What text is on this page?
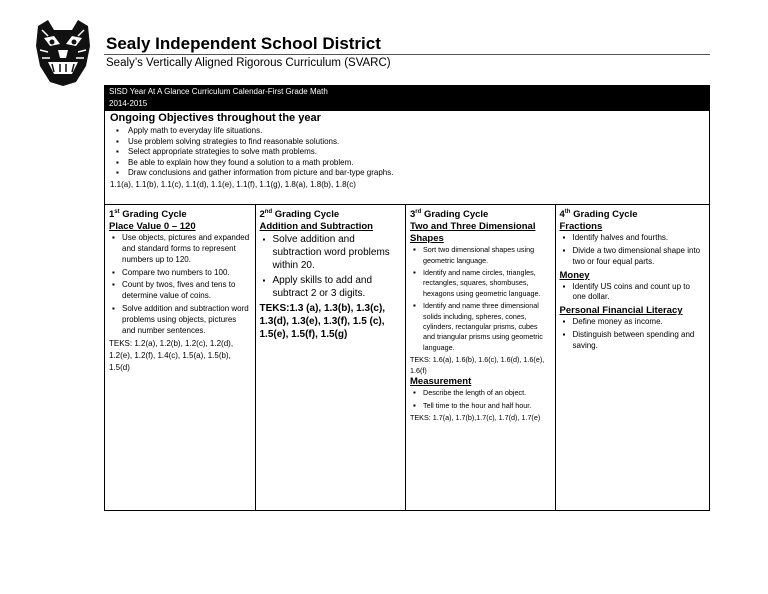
Sealy Independent School District
Sealy’s Vertically Aligned Rigorous Curriculum (SVARC)
SISD Year At A Glance Curriculum Calendar-First Grade Math
2014-2015
Ongoing Objectives throughout the year
▪ Apply math to everyday life situations.
▪ Use problem solving strategies to find reasonable solutions.
▪ Select appropriate strategies to solve math problems.
▪ Be able to explain how they found a solution to a math problem.
▪ Draw conclusions and gather information from picture and bar-type graphs.
1.1(a), 1.1(b), 1.1(c), 1.1(d), 1.1(e), 1.1(f), 1.1(g), 1.8(a), 1.8(b), 1.8(c)
1st Grading Cycle
Place Value 0 – 120
▪ Use objects, pictures and expanded and standard forms to represent numbers up to 120.
▪ Compare two numbers to 100.
▪ Count by twos, fives and tens to determine value of coins.
▪ Solve addition and subtraction word problems using objects, pictures and number sentences.
TEKS: 1.2(a), 1.2(b), 1.2(c), 1.2(d), 1.2(e), 1.2(f), 1.4(c), 1.5(a), 1.5(b), 1.5(d)
2nd Grading Cycle
Addition and Subtraction
▪ Solve addition and subtraction word problems within 20.
▪ Apply skills to add and subtract 2 or 3 digits.
TEKS:1.3 (a), 1.3(b), 1.3(c), 1.3(d), 1.3(e), 1.3(f), 1.5 (c), 1.5(e), 1.5(f), 1.5(g)
3rd Grading Cycle
Two and Three Dimensional Shapes
▪ Sort two dimensional shapes using geometric language.
▪ Identify and name circles, triangles, rectangles, squares, shombuses, hexagons using geometric language.
▪ Identify and name three dimensional solids including, spheres, cones, cylinders, rectangular prisms, cubes and triangular prisms using geometric language.
TEKS: 1.6(a), 1.6(b), 1.6(c), 1.6(d), 1.6(e), 1.6(f)
Measurement
▪ Describe the length of an object.
▪ Tell time to the hour and half hour.
TEKS: 1.7(a), 1.7(b),1.7(c), 1.7(d), 1.7(e)
4th Grading Cycle
Fractions
▪ Identify halves and fourths.
▪ Divide a two dimensional shape into two or four equal parts.
Money
▪ Identify US coins and count up to one dollar.
Personal Financial Literacy
▪ Define money as income.
▪ Distinguish between spending and saving.
